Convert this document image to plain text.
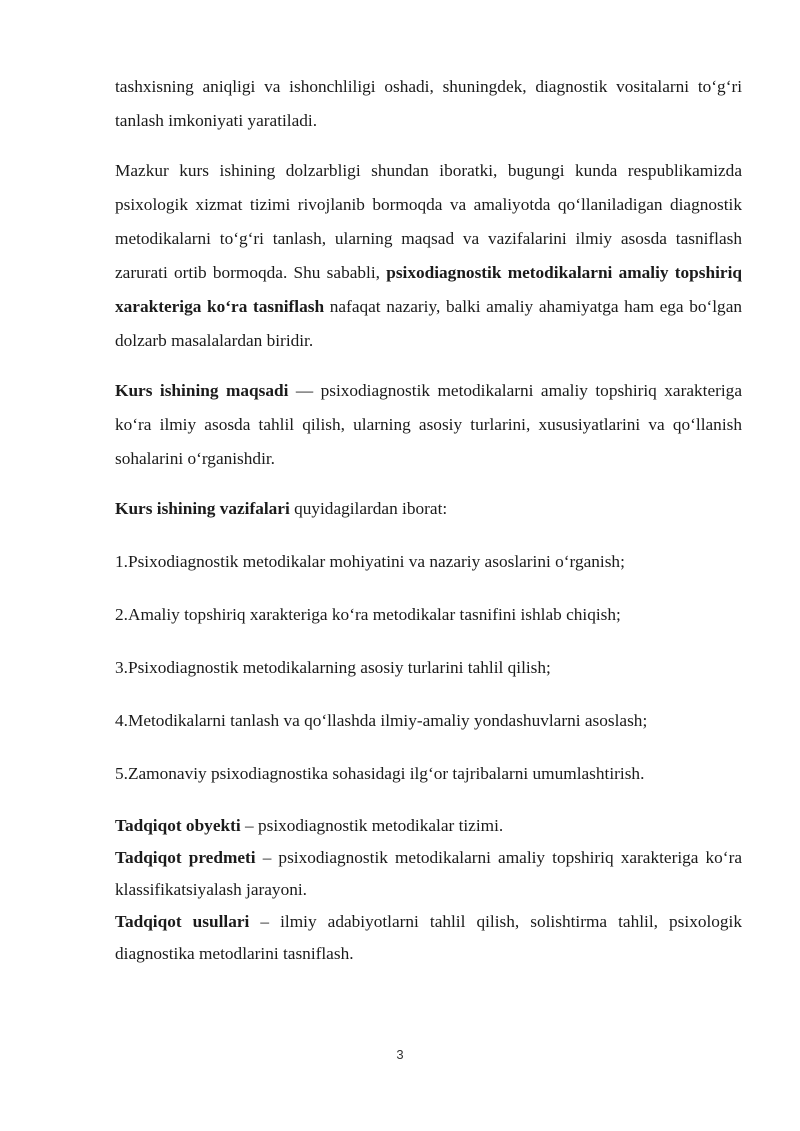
tashxisning aniqligi va ishonchliligi oshadi, shuningdek, diagnostik vositalarni to‘g‘ri tanlash imkoniyati yaratiladi.

Mazkur kurs ishining dolzarbligi shundan iboratki, bugungi kunda respublikamizda psixologik xizmat tizimi rivojlanib bormoqda va amaliyotda qo‘llaniladigan diagnostik metodikalarni to‘g‘ri tanlash, ularning maqsad va vazifalarini ilmiy asosda tasniflash zarurati ortib bormoqda. Shu sababli, psixodiagnostik metodikalarni amaliy topshiriq xarakteriga ko‘ra tasniflash nafaqat nazariy, balki amaliy ahamiyatga ham ega bo‘lgan dolzarb masalalardan biridir.

Kurs ishining maqsadi — psixodiagnostik metodikalarni amaliy topshiriq xarakteriga ko‘ra ilmiy asosda tahlil qilish, ularning asosiy turlarini, xususiyatlarini va qo‘llanish sohalarini o‘rganishdir.

Kurs ishining vazifalari quyidagilardan iborat:

1.Psixodiagnostik metodikalar mohiyatini va nazariy asoslarini o‘rganish;

2.Amaliy topshiriq xarakteriga ko‘ra metodikalar tasnifini ishlab chiqish;

3.Psixodiagnostik metodikalarning asosiy turlarini tahlil qilish;

4.Metodikalarni tanlash va qo‘llashda ilmiy-amaliy yondashuvlarni asoslash;

5.Zamonaviy psixodiagnostika sohasidagi ilg‘or tajribalarni umumlashtirish.

Tadqiqot obyekti – psixodiagnostik metodikalar tizimi.

Tadqiqot predmeti – psixodiagnostik metodikalarni amaliy topshiriq xarakteriga ko‘ra klassifikatsiyalash jarayoni.

Tadqiqot usullari – ilmiy adabiyotlarni tahlil qilish, solishtirma tahlil, psixologik diagnostika metodlarini tasniflash.

3
